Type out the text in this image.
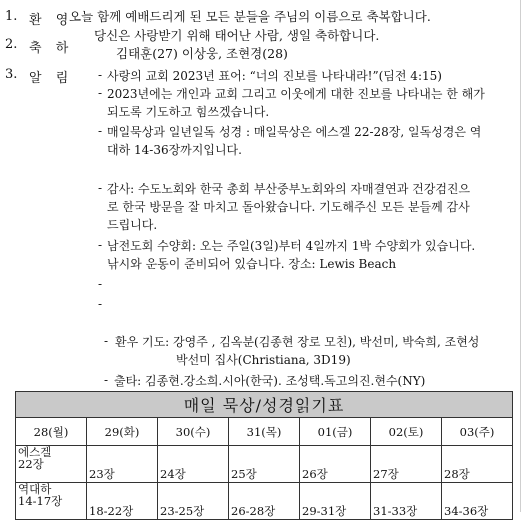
1. 환 영
오늘 함께 예배드리게 된 모든 분들을 주님의 이름으로 축복합니다.
2. 축 하
당신은 사랑받기 위해 태어난 사람, 생일 축하합니다.
김태훈(27) 이상웅, 조현경(28)
3. 알 림 - 사랑의 교회 2023년 표어: “너의 진보를 나타내라!”(딤전 4:15)
- 2023년에는 개인과 교회 그리고 이웃에게 대한 진보를 나타내는 한 해가
되도록 기도하고 힘쓰겠습니다.
- 매일묵상과 일년일독 성경 : 매일묵상은 에스겔 22-28장, 일독성경은 역
대하 14-36장까지입니다.
- 감사: 수도노회와 한국 총회 부산중부노회와의 자매결연과 건강검진으
로 한국 방문을 잘 마치고 돌아왔습니다. 기도해주신 모든 분들께 감사
드립니다.
- 남전도회 수양회: 오는 주일(3일)부터 4일까지 1박 수양회가 있습니다.
낚시와 운동이 준비되어 있습니다. 장소: Lewis Beach
-
-
- 환우 기도: 강영주 , 김옥분(김종현 장로 모친), 박선미, 박숙희, 조현성
박선미 집사(Christiana, 3D19)
- 출타: 김종현.강소희.시아(한국). 조성택.독고의진.현수(NY)
매일 묵상/성경읽기표						
28(월)	29(화)	30(수)	31(목)	01(금)	02(토)	03(주)

에스겔
22장	23장	24장	25장	26장	27장	28장

역대하
14-17장	18-22장	23-25장	26-28장	29-31장	31-33장	34-36장
